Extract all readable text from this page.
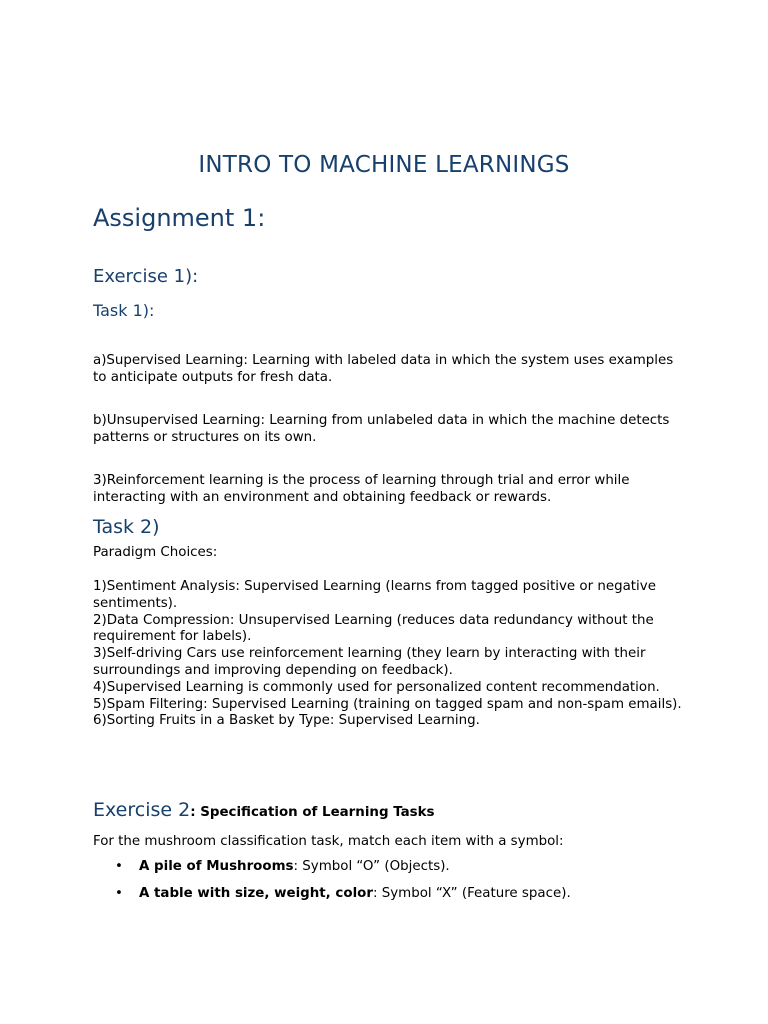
INTRO TO MACHINE LEARNINGS
Assignment 1:
Exercise 1):
Task 1):

a)Supervised Learning: Learning with labeled data in which the system uses examples to anticipate outputs for fresh data.

b)Unsupervised Learning: Learning from unlabeled data in which the machine detects patterns or structures on its own.

3)Reinforcement learning is the process of learning through trial and error while interacting with an environment and obtaining feedback or rewards.

Task 2)

Paradigm Choices:

1)Sentiment Analysis: Supervised Learning (learns from tagged positive or negative sentiments).
2)Data Compression: Unsupervised Learning (reduces data redundancy without the requirement for labels).
3)Self-driving Cars use reinforcement learning (they learn by interacting with their surroundings and improving depending on feedback).
4)Supervised Learning is commonly used for personalized content recommendation.
5)Spam Filtering: Supervised Learning (training on tagged spam and non-spam emails).
6)Sorting Fruits in a Basket by Type: Supervised Learning.
Exercise 2: Specification of Learning Tasks

For the mushroom classification task, match each item with a symbol:

• A pile of Mushrooms: Symbol “O” (Objects).
• A table with size, weight, color: Symbol “X” (Feature space).
